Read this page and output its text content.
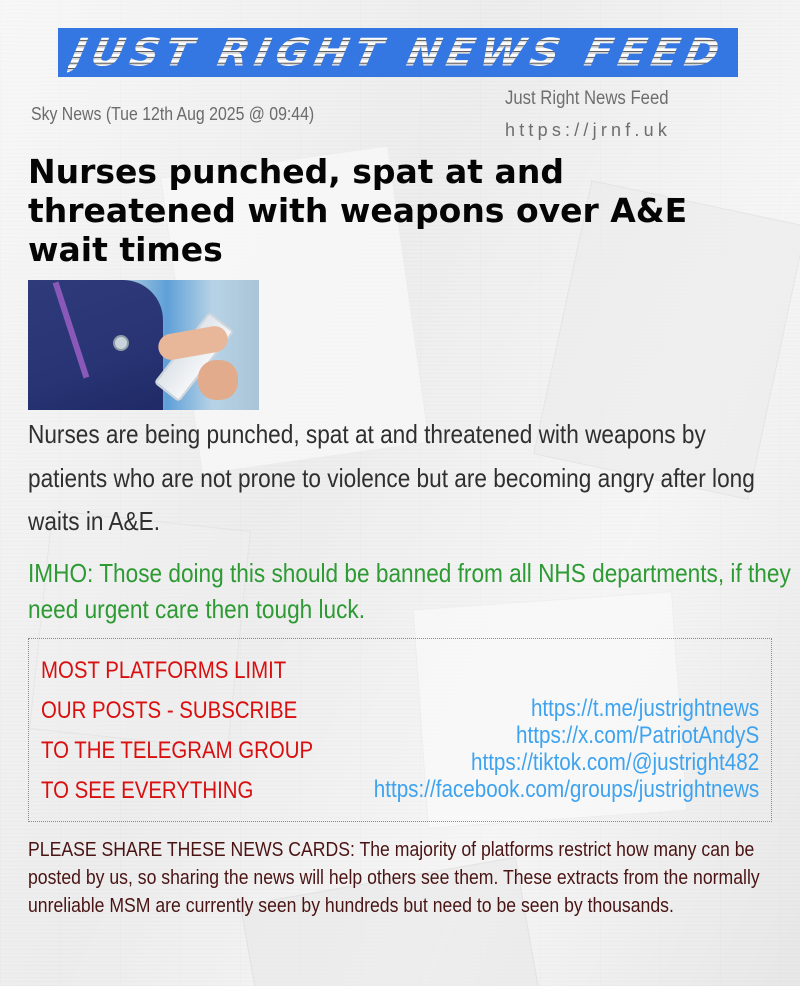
JUST RIGHT NEWS FEED
Sky News (Tue 12th Aug 2025 @ 09:44)
Just Right News Feed
https://jrnf.uk
Nurses punched, spat at and threatened with weapons over A&E wait times

Nurses are being punched, spat at and threatened with weapons by patients who are not prone to violence but are becoming angry after long waits in A&E.

IMHO: Those doing this should be banned from all NHS departments, if they need urgent care then tough luck.

MOST PLATFORMS LIMIT
OUR POSTS - SUBSCRIBE
TO THE TELEGRAM GROUP
TO SEE EVERYTHING
https://t.me/justrightnews
https://x.com/PatriotAndyS
https://tiktok.com/@justright482
https://facebook.com/groups/justrightnews

PLEASE SHARE THESE NEWS CARDS: The majority of platforms restrict how many can be posted by us, so sharing the news will help others see them. These extracts from the normally unreliable MSM are currently seen by hundreds but need to be seen by thousands.
